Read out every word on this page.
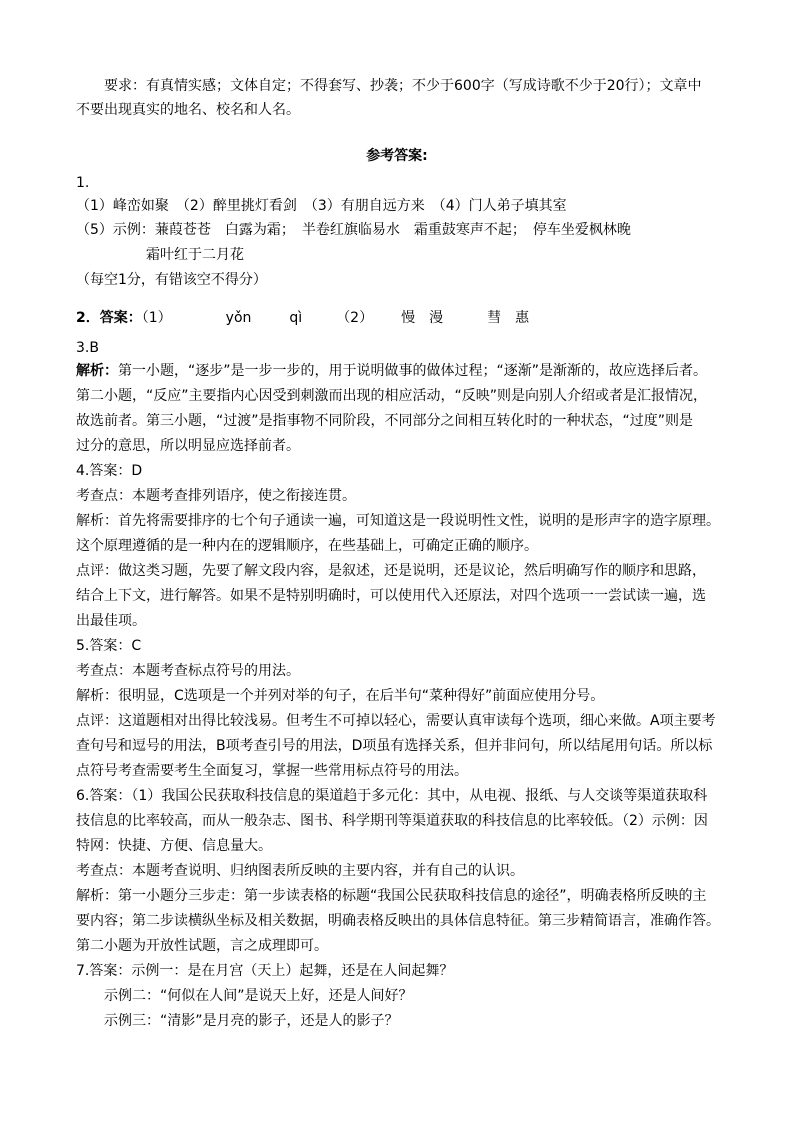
要求：有真情实感；文体自定；不得套写、抄袭；不少于600字（写成诗歌不少于20行）；文章中
不要出现真实的地名、校名和人名。
参考答案:
1.
（1）峰峦如聚　（2）醉里挑灯看剑　（3）有朋自远方来　（4）门人弟子填其室
（5）示例：蒹葭苍苍　白露为霜；　半卷红旗临易水　霜重鼓寒声不起；　停车坐爱枫林晚
霜叶红于二月花
（每空1分，有错该空不得分）
2．答案：（1）	yǒn	qì （2） 慢　漫	彗　惠
3.B
解析：第一小题，“逐步”是一步一步的，用于说明做事的做体过程；“逐渐”是渐渐的，故应选择后者。
第二小题，“反应”主要指内心因受到刺激而出现的相应活动，“反映”则是向别人介绍或者是汇报情况，
故选前者。第三小题，“过渡”是指事物不同阶段，不同部分之间相互转化时的一种状态，“过度”则是
过分的意思，所以明显应选择前者。
4.答案：D
考查点：本题考查排列语序，使之衔接连贯。
解析：首先将需要排序的七个句子通读一遍，可知道这是一段说明性文性，说明的是形声字的造字原理。
这个原理遵循的是一种内在的逻辑顺序，在些基础上，可确定正确的顺序。
点评：做这类习题，先要了解文段内容，是叙述，还是说明，还是议论，然后明确写作的顺序和思路，
结合上下文，进行解答。如果不是特别明确时，可以使用代入还原法，对四个选项一一尝试读一遍，选
出最佳项。
5.答案：C
考查点：本题考查标点符号的用法。
解析：很明显，C选项是一个并列对举的句子，在后半句“菜种得好”前面应使用分号。
点评：这道题相对出得比较浅易。但考生不可掉以轻心，需要认真审读每个选项，细心来做。A项主要考
查句号和逗号的用法，B项考查引号的用法，D项虽有选择关系，但并非问句，所以结尾用句话。所以标
点符号考查需要考生全面复习，掌握一些常用标点符号的用法。
6.答案：（1）我国公民获取科技信息的渠道趋于多元化：其中，从电视、报纸、与人交谈等渠道获取科
技信息的比率较高，而从一般杂志、图书、科学期刊等渠道获取的科技信息的比率较低。（2）示例：因
特网：快捷、方便、信息量大。
考查点：本题考查说明、归纳图表所反映的主要内容，并有自己的认识。
解析：第一小题分三步走：第一步读表格的标题“我国公民获取科技信息的途径”，明确表格所反映的主
要内容；第二步读横纵坐标及相关数据，明确表格反映出的具体信息特征。第三步精简语言，准确作答。
第二小题为开放性试题，言之成理即可。
7.答案：示例一：是在月宫（天上）起舞，还是在人间起舞？
示例二：“何似在人间”是说天上好，还是人间好？
示例三：“清影”是月亮的影子，还是人的影子？
